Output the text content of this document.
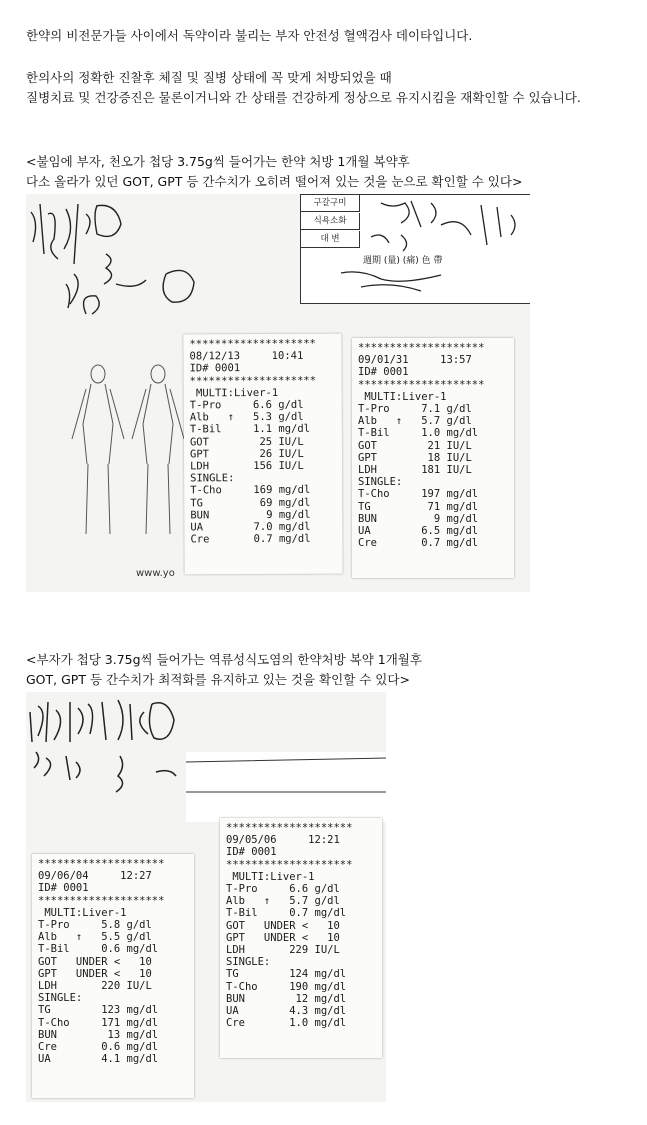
한약의 비전문가들 사이에서 독약이라 불리는 부자 안전성 혈액검사 데이타입니다.

한의사의 정확한 진찰후 체질 및 질병 상태에 꼭 맞게 처방되었을 때

질병치료 및 건강증진은 물론이거니와 간 상태를 건강하게 정상으로 유지시킴을 재확인할 수 있습니다.

<불임에 부자, 천오가 첩당 3.75g씩 들어가는 한약 처방 1개월 복약후

다소 올라가 있던 GOT, GPT 등 간수치가 오히려 떨어져 있는 것을 눈으로 확인할 수 있다>

구갈구미
식욕소화
대 변
週期 (量) (痛) 色 帶
********************
08/12/13     10:41
ID# 0001
********************
MULTI:Liver-1
T-Pro     6.6 g/dl
Alb   ↑   5.3 g/dl
T-Bil     1.1 mg/dl
GOT        25 IU/L
GPT        26 IU/L
LDH       156 IU/L
SINGLE:
T-Cho     169 mg/dl
TG         69 mg/dl
BUN         9 mg/dl
UA        7.0 mg/dl
Cre       0.7 mg/dl
********************
09/01/31     13:57
ID# 0001
********************
MULTI:Liver-1
T-Pro     7.1 g/dl
Alb   ↑   5.7 g/dl
T-Bil     1.0 mg/dl
GOT        21 IU/L
GPT        18 IU/L
LDH       181 IU/L
SINGLE:
T-Cho     197 mg/dl
TG         71 mg/dl
BUN         9 mg/dl
UA        6.5 mg/dl
Cre       0.7 mg/dl
www.yo

<부자가 첩당 3.75g씩 들어가는 역류성식도염의 한약처방 복약 1개월후

GOT, GPT 등 간수치가 최적화를 유지하고 있는 것을 확인할 수 있다>

********************
09/06/04     12:27
ID# 0001
********************
MULTI:Liver-1
T-Pro     5.8 g/dl
Alb   ↑   5.5 g/dl
T-Bil     0.6 mg/dl
GOT   UNDER <   10
GPT   UNDER <   10
LDH       220 IU/L
SINGLE:
TG        123 mg/dl
T-Cho     171 mg/dl
BUN        13 mg/dl
Cre       0.6 mg/dl
UA        4.1 mg/dl
********************
09/05/06     12:21
ID# 0001
********************
MULTI:Liver-1
T-Pro     6.6 g/dl
Alb   ↑   5.7 g/dl
T-Bil     0.7 mg/dl
GOT   UNDER <   10
GPT   UNDER <   10
LDH       229 IU/L
SINGLE:
TG        124 mg/dl
T-Cho     190 mg/dl
BUN        12 mg/dl
UA        4.3 mg/dl
Cre       1.0 mg/dl
